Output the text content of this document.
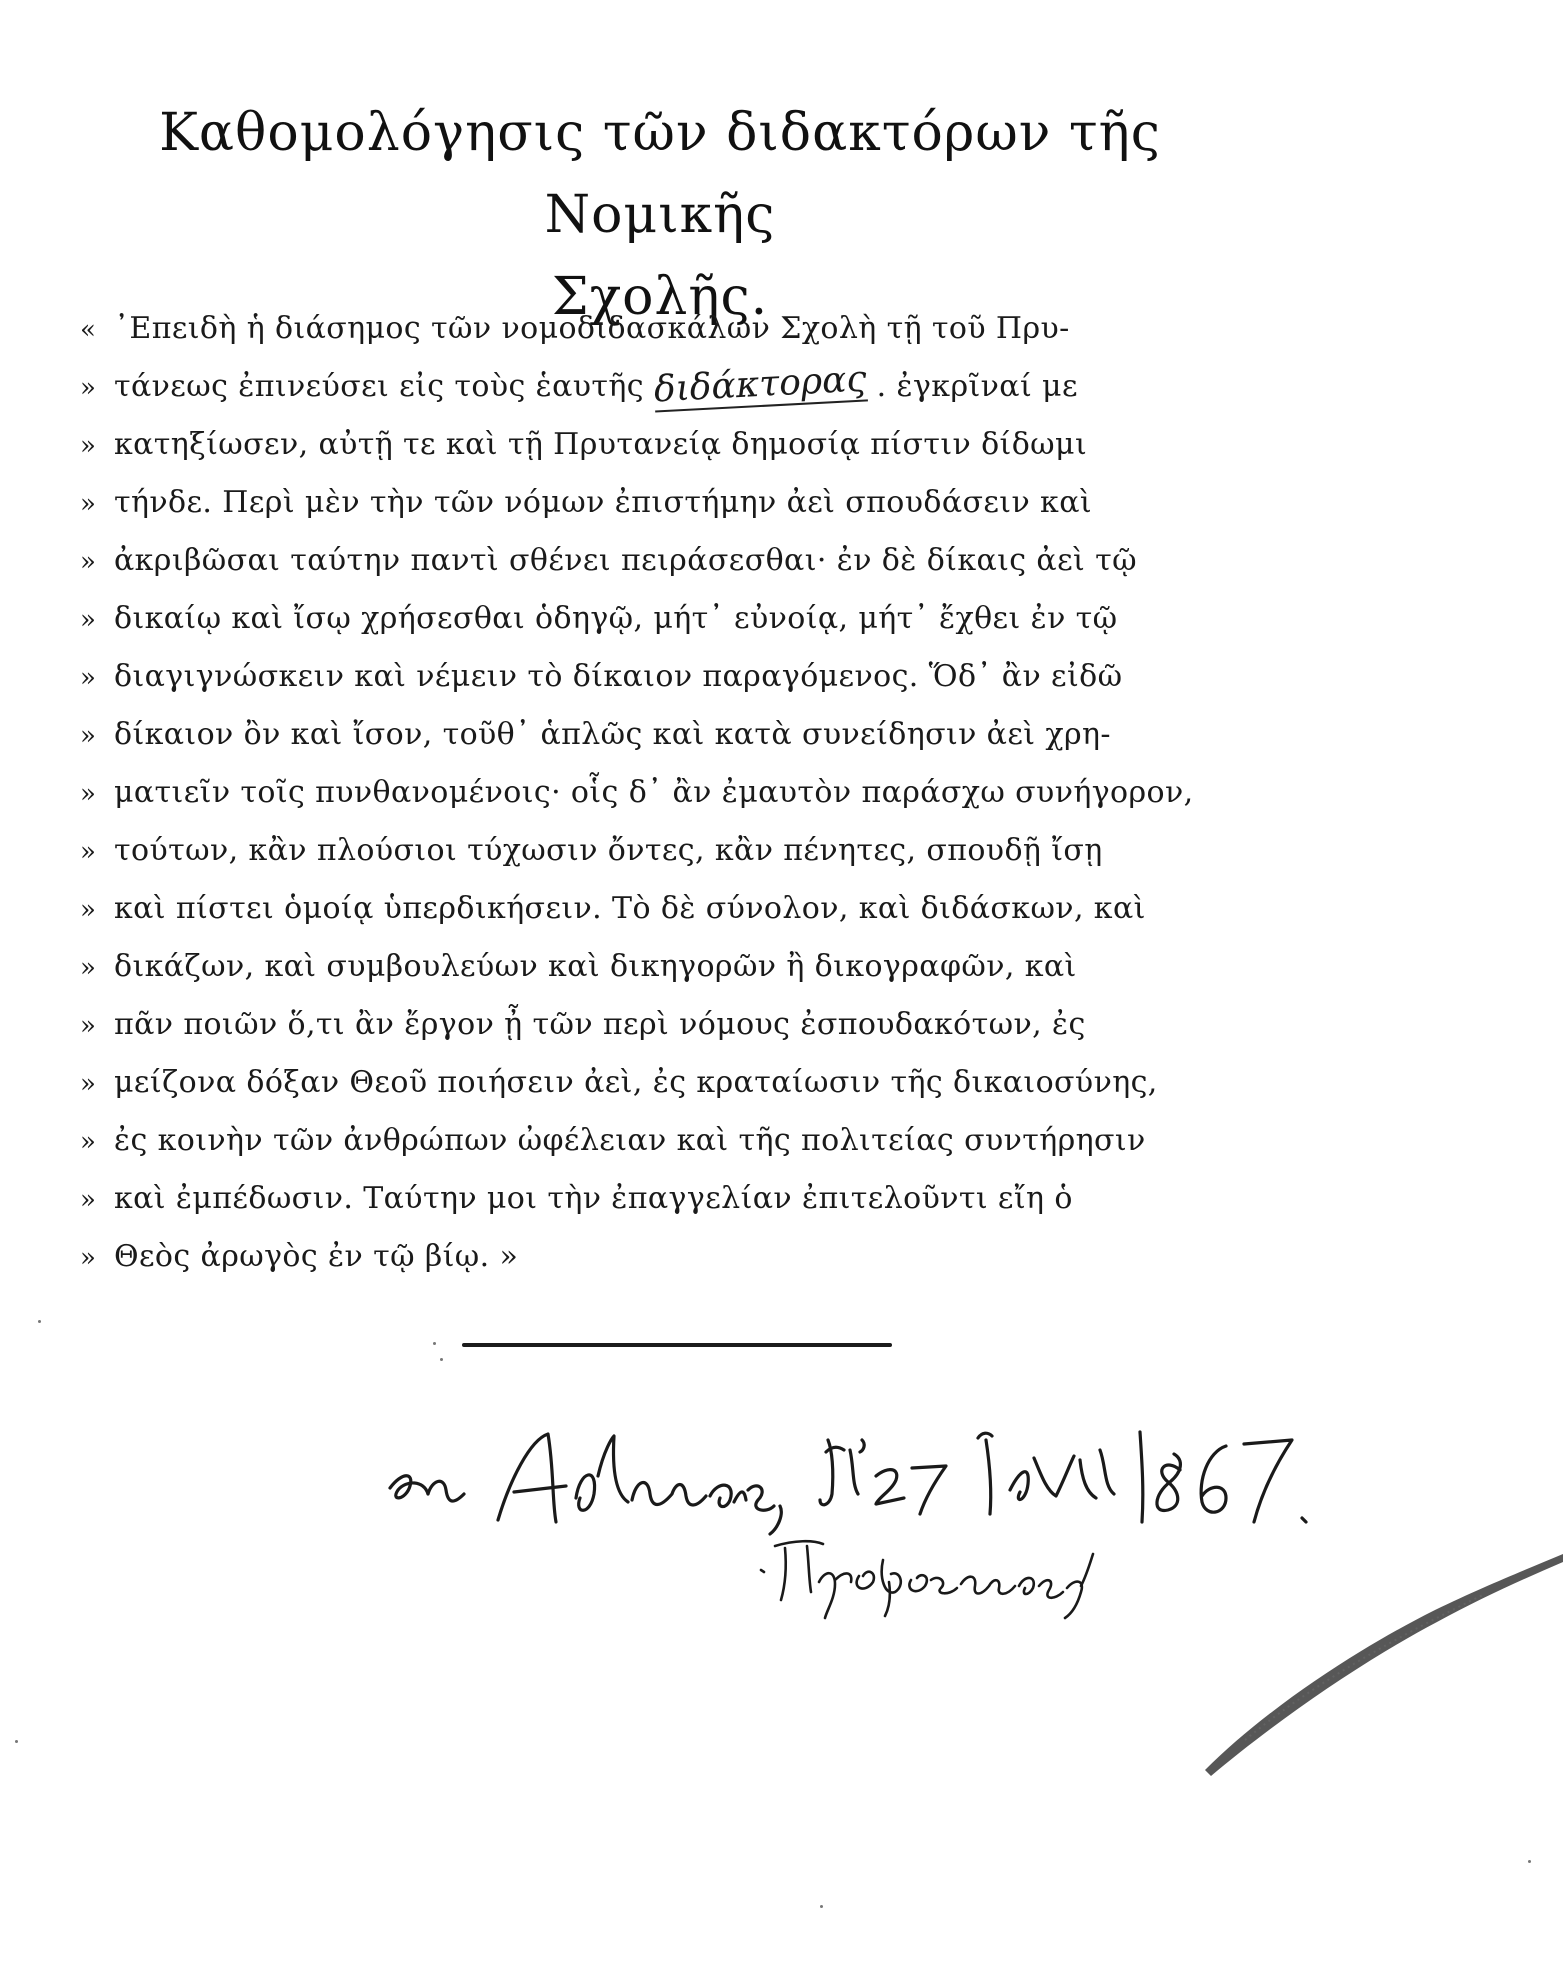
Καθομολόγησις τῶν διδακτόρων τῆς Νομικῆς
Σχολῆς.
« ᾿Επειδὴ ἡ διάσημος τῶν νομοδιδασκάλων Σχολὴ τῇ τοῦ Πρυ-
» τάνεως ἐπινεύσει εἰς τοὺς ἑαυτῆς διδάκτορας . ἐγκρῖναί με
» κατηξίωσεν, αὐτῇ τε καὶ τῇ Πρυτανείᾳ δημοσίᾳ πίστιν δίδωμι
» τήνδε. Περὶ μὲν τὴν τῶν νόμων ἐπιστήμην ἀεὶ σπουδάσειν καὶ
» ἀκριβῶσαι ταύτην παντὶ σθένει πειράσεσθαι· ἐν δὲ δίκαις ἀεὶ τῷ
» δικαίῳ καὶ ἴσῳ χρήσεσθαι ὁδηγῷ, μήτ᾿ εὐνοίᾳ, μήτ᾿ ἔχθει ἐν τῷ
» διαγιγνώσκειν καὶ νέμειν τὸ δίκαιον παραγόμενος. Ὅδ᾿ ἂν εἰδῶ
» δίκαιον ὂν καὶ ἴσον, τοῦθ᾿ ἁπλῶς καὶ κατὰ συνείδησιν ἀεὶ χρη-
» ματιεῖν τοῖς πυνθανομένοις· οἷς δ᾿ ἂν ἐμαυτὸν παράσχω συνήγορον,
» τούτων, κἂν πλούσιοι τύχωσιν ὄντες, κἂν πένητες, σπουδῇ ἴσῃ
» καὶ πίστει ὁμοίᾳ ὑπερδικήσειν. Τὸ δὲ σύνολον, καὶ διδάσκων, καὶ
» δικάζων, καὶ συμβουλεύων καὶ δικηγορῶν ἢ δικογραφῶν, καὶ
» πᾶν ποιῶν ὅ,τι ἂν ἔργον ᾖ τῶν περὶ νόμους ἐσπουδακότων, ἐς
» μείζονα δόξαν Θεοῦ ποιήσειν ἀεὶ, ἐς κραταίωσιν τῆς δικαιοσύνης,
» ἐς κοινὴν τῶν ἀνθρώπων ὠφέλειαν καὶ τῆς πολιτείας συντήρησιν
» καὶ ἐμπέδωσιν. Ταύτην μοι τὴν ἐπαγγελίαν ἐπιτελοῦντι εἴη ὁ
» Θεὸς ἀρωγὸς ἐν τῷ βίῳ. »
